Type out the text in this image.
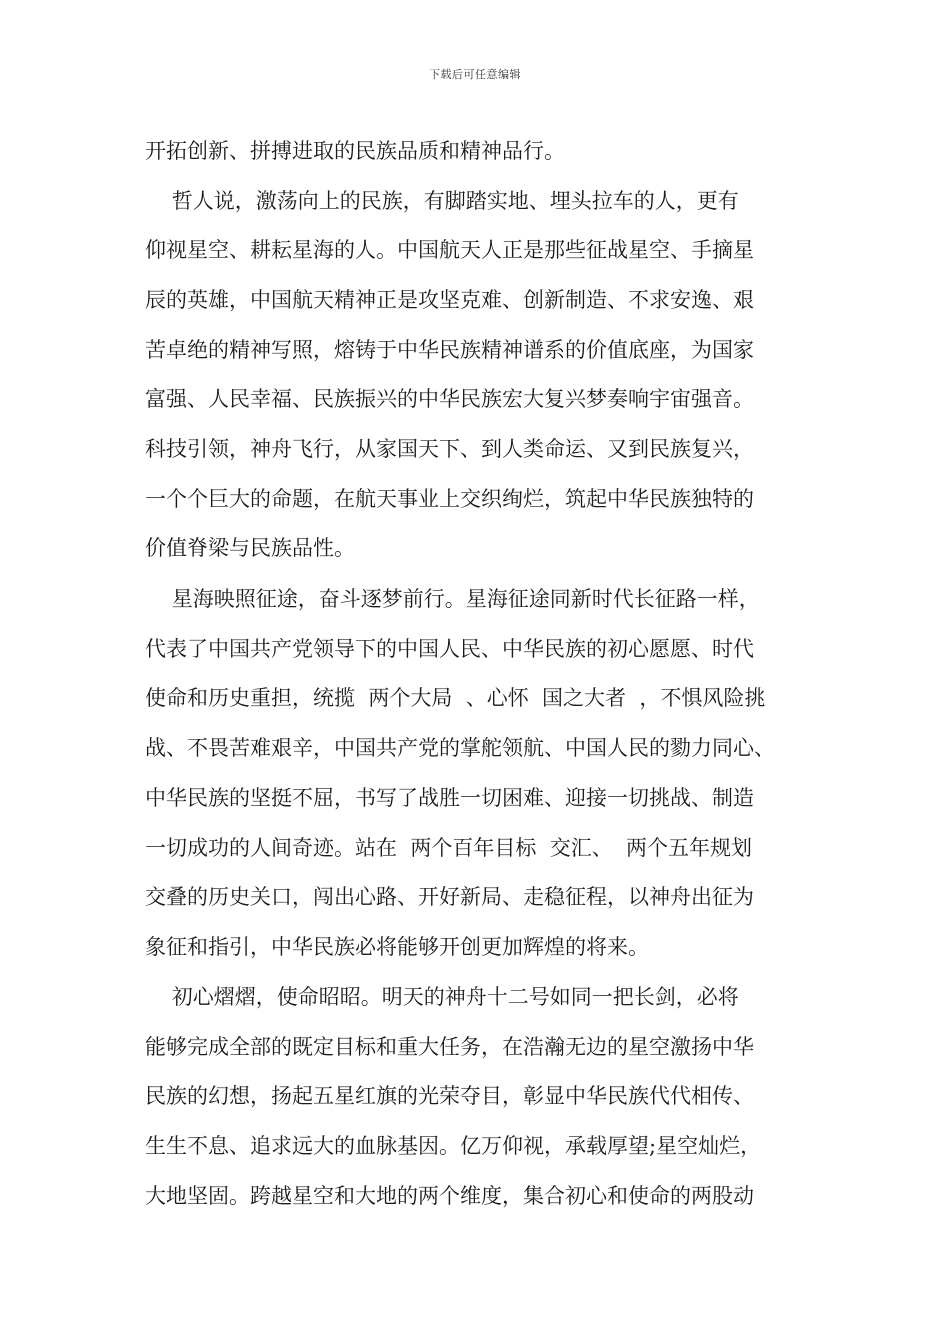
下载后可任意编辑
开拓创新、拼搏进取的民族品质和精神品行。
哲人说，激荡向上的民族，有脚踏实地、埋头拉车的人，更有
仰视星空、耕耘星海的人。中国航天人正是那些征战星空、手摘星
辰的英雄，中国航天精神正是攻坚克难、创新制造、不求安逸、艰
苦卓绝的精神写照，熔铸于中华民族精神谱系的价值底座，为国家
富强、人民幸福、民族振兴的中华民族宏大复兴梦奏响宇宙强音。
科技引领，神舟飞行，从家国天下、到人类命运、又到民族复兴，
一个个巨大的命题，在航天事业上交织绚烂，筑起中华民族独特的
价值脊梁与民族品性。
星海映照征途，奋斗逐梦前行。星海征途同新时代长征路一样，
代表了中国共产党领导下的中国人民、中华民族的初心愿愿、时代
使命和历史重担，统揽  两个大局  、心怀  国之大者  ，不惧风险挑
战、不畏苦难艰辛，中国共产党的掌舵领航、中国人民的勠力同心、
中华民族的坚挺不屈，书写了战胜一切困难、迎接一切挑战、制造
一切成功的人间奇迹。站在  两个百年目标  交汇、  两个五年规划
交叠的历史关口，闯出心路、开好新局、走稳征程，以神舟出征为
象征和指引，中华民族必将能够开创更加辉煌的将来。
初心熠熠，使命昭昭。明天的神舟十二号如同一把长剑，必将
能够完成全部的既定目标和重大任务，在浩瀚无边的星空激扬中华
民族的幻想，扬起五星红旗的光荣夺目，彰显中华民族代代相传、
生生不息、追求远大的血脉基因。亿万仰视，承载厚望;星空灿烂，
大地坚固。跨越星空和大地的两个维度，集合初心和使命的两股动
